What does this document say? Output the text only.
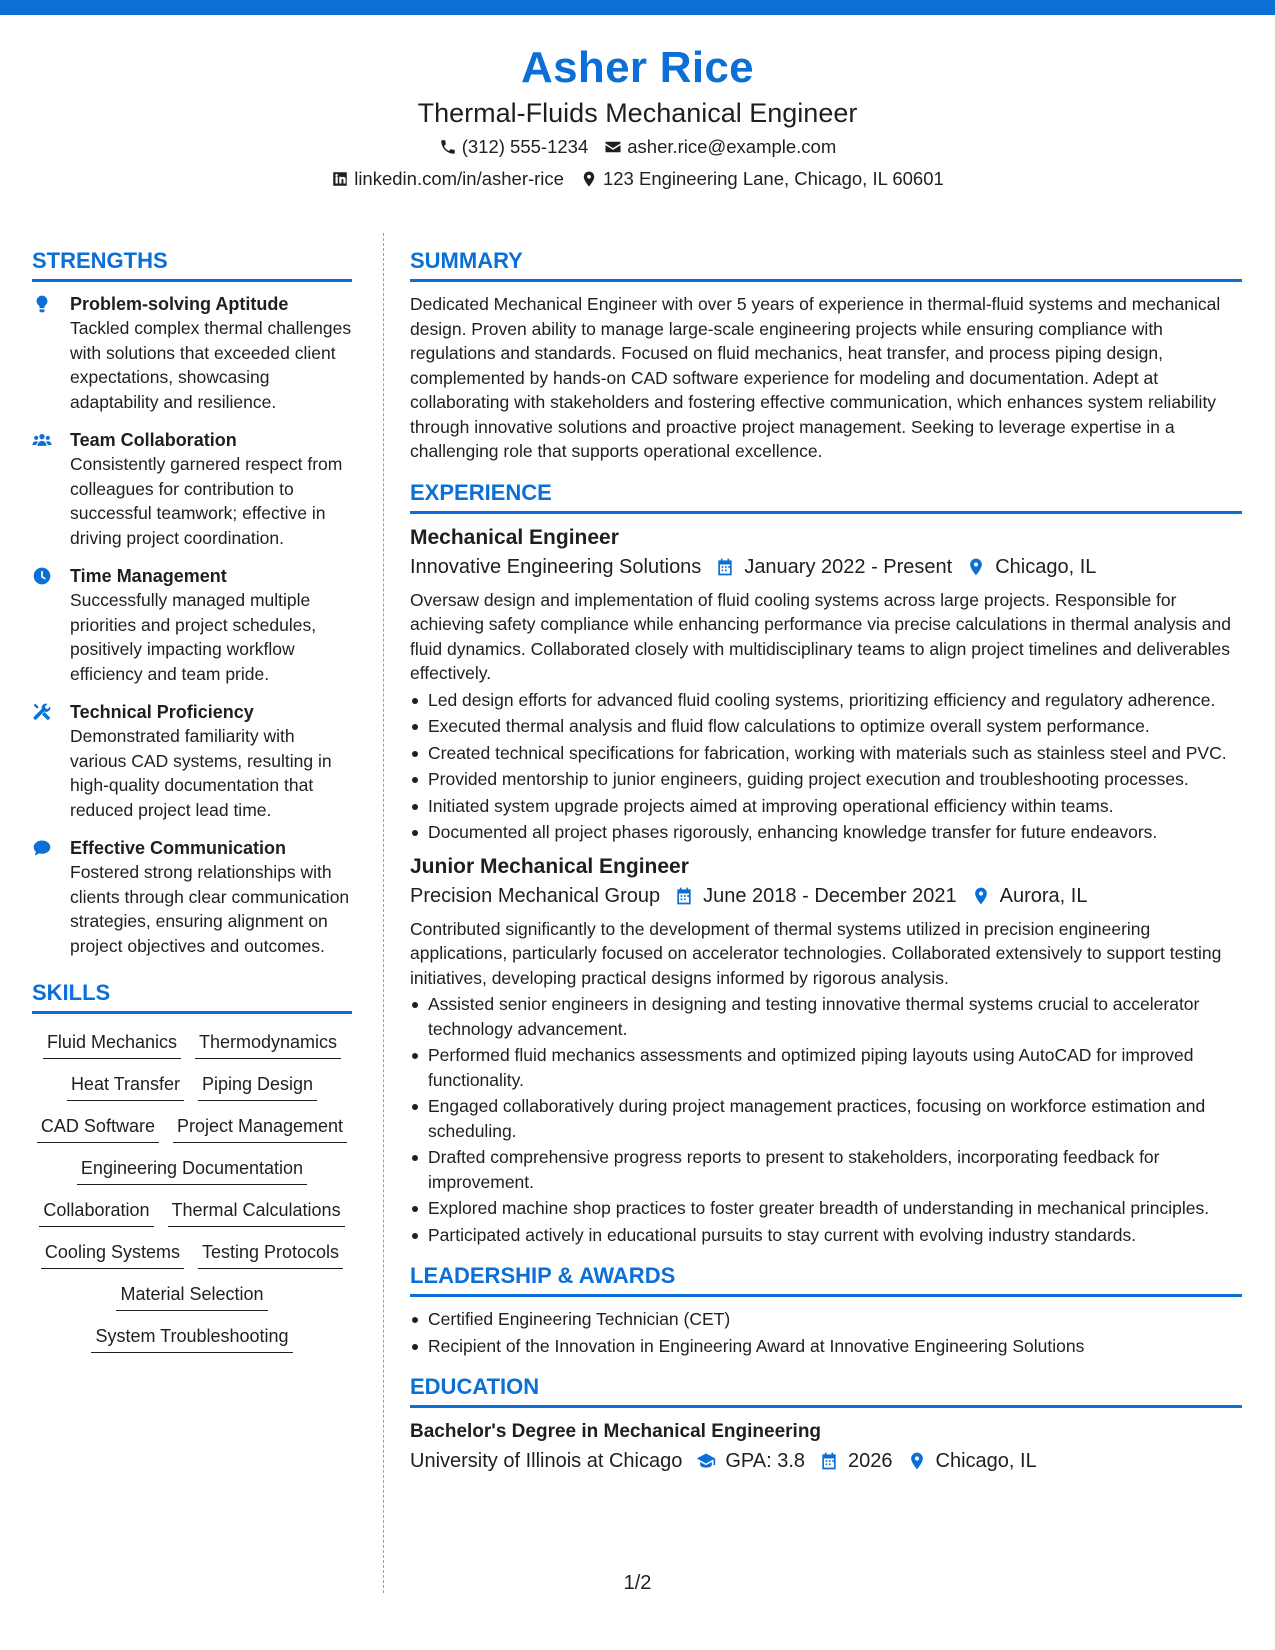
Asher Rice
Thermal-Fluids Mechanical Engineer
(312) 555-1234 asher.rice@example.com
linkedin.com/in/asher-rice 123 Engineering Lane, Chicago, IL 60601
STRENGTHS
Problem-solving Aptitude
Tackled complex thermal challenges with solutions that exceeded client expectations, showcasing adaptability and resilience.
Team Collaboration
Consistently garnered respect from colleagues for contribution to successful teamwork; effective in driving project coordination.
Time Management
Successfully managed multiple priorities and project schedules, positively impacting workflow efficiency and team pride.
Technical Proficiency
Demonstrated familiarity with various CAD systems, resulting in high-quality documentation that reduced project lead time.
Effective Communication
Fostered strong relationships with clients through clear communication strategies, ensuring alignment on project objectives and outcomes.
SKILLS
Fluid Mechanics Thermodynamics
Heat Transfer Piping Design
CAD Software Project Management
Engineering Documentation
Collaboration Thermal Calculations
Cooling Systems Testing Protocols
Material Selection
System Troubleshooting
SUMMARY
Dedicated Mechanical Engineer with over 5 years of experience in thermal-fluid systems and mechanical design. Proven ability to manage large-scale engineering projects while ensuring compliance with regulations and standards. Focused on fluid mechanics, heat transfer, and process piping design, complemented by hands-on CAD software experience for modeling and documentation. Adept at collaborating with stakeholders and fostering effective communication, which enhances system reliability through innovative solutions and proactive project management. Seeking to leverage expertise in a challenging role that supports operational excellence.
EXPERIENCE
Mechanical Engineer
Innovative Engineering Solutions January 2022 - Present Chicago, IL
Oversaw design and implementation of fluid cooling systems across large projects. Responsible for achieving safety compliance while enhancing performance via precise calculations in thermal analysis and fluid dynamics. Collaborated closely with multidisciplinary teams to align project timelines and deliverables effectively.
Led design efforts for advanced fluid cooling systems, prioritizing efficiency and regulatory adherence.
Executed thermal analysis and fluid flow calculations to optimize overall system performance.
Created technical specifications for fabrication, working with materials such as stainless steel and PVC.
Provided mentorship to junior engineers, guiding project execution and troubleshooting processes.
Initiated system upgrade projects aimed at improving operational efficiency within teams.
Documented all project phases rigorously, enhancing knowledge transfer for future endeavors.
Junior Mechanical Engineer
Precision Mechanical Group June 2018 - December 2021 Aurora, IL
Contributed significantly to the development of thermal systems utilized in precision engineering applications, particularly focused on accelerator technologies. Collaborated extensively to support testing initiatives, developing practical designs informed by rigorous analysis.
Assisted senior engineers in designing and testing innovative thermal systems crucial to accelerator technology advancement.
Performed fluid mechanics assessments and optimized piping layouts using AutoCAD for improved functionality.
Engaged collaboratively during project management practices, focusing on workforce estimation and scheduling.
Drafted comprehensive progress reports to present to stakeholders, incorporating feedback for improvement.
Explored machine shop practices to foster greater breadth of understanding in mechanical principles.
Participated actively in educational pursuits to stay current with evolving industry standards.
LEADERSHIP & AWARDS
Certified Engineering Technician (CET)
Recipient of the Innovation in Engineering Award at Innovative Engineering Solutions
EDUCATION
Bachelor's Degree in Mechanical Engineering
University of Illinois at Chicago GPA: 3.8 2026 Chicago, IL
1/2
